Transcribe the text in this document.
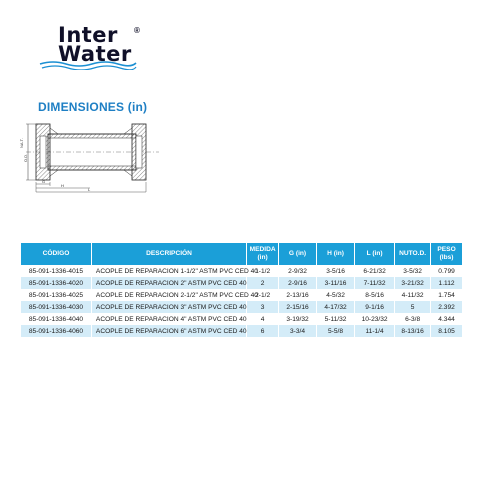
Inter	®
Water
DIMENSIONES (in)
NA.T.
O.D.
G
H
L
CÓDIGO	DESCRIPCIÓN	MEDIDA (in)	G (in)	H (in)	L (in)	NUTO.D.	PESO (lbs)
85-091-1336-4015	ACOPLE DE REPARACION 1-1/2" ASTM PVC CED 40	1-1/2	2-9/32	3-5/16	6-21/32	3-5/32	0.799
85-091-1336-4020	ACOPLE DE REPARACION 2" ASTM PVC CED 40	2	2-9/16	3-11/16	7-11/32	3-21/32	1.112
85-091-1336-4025	ACOPLE DE REPARACION 2-1/2" ASTM PVC CED 40	2-1/2	2-13/16	4-5/32	8-5/16	4-11/32	1.754
85-091-1336-4030	ACOPLE DE REPARACION 3" ASTM PVC CED 40	3	2-15/16	4-17/32	9-1/16	5	2.392
85-091-1336-4040	ACOPLE DE REPARACION 4" ASTM PVC CED 40	4	3-19/32	5-11/32	10-23/32	6-3/8	4.344
85-091-1336-4060	ACOPLE DE REPARACION 6" ASTM PVC CED 40	6	3-3/4	5-5/8	11-1/4	8-13/16	8.105
